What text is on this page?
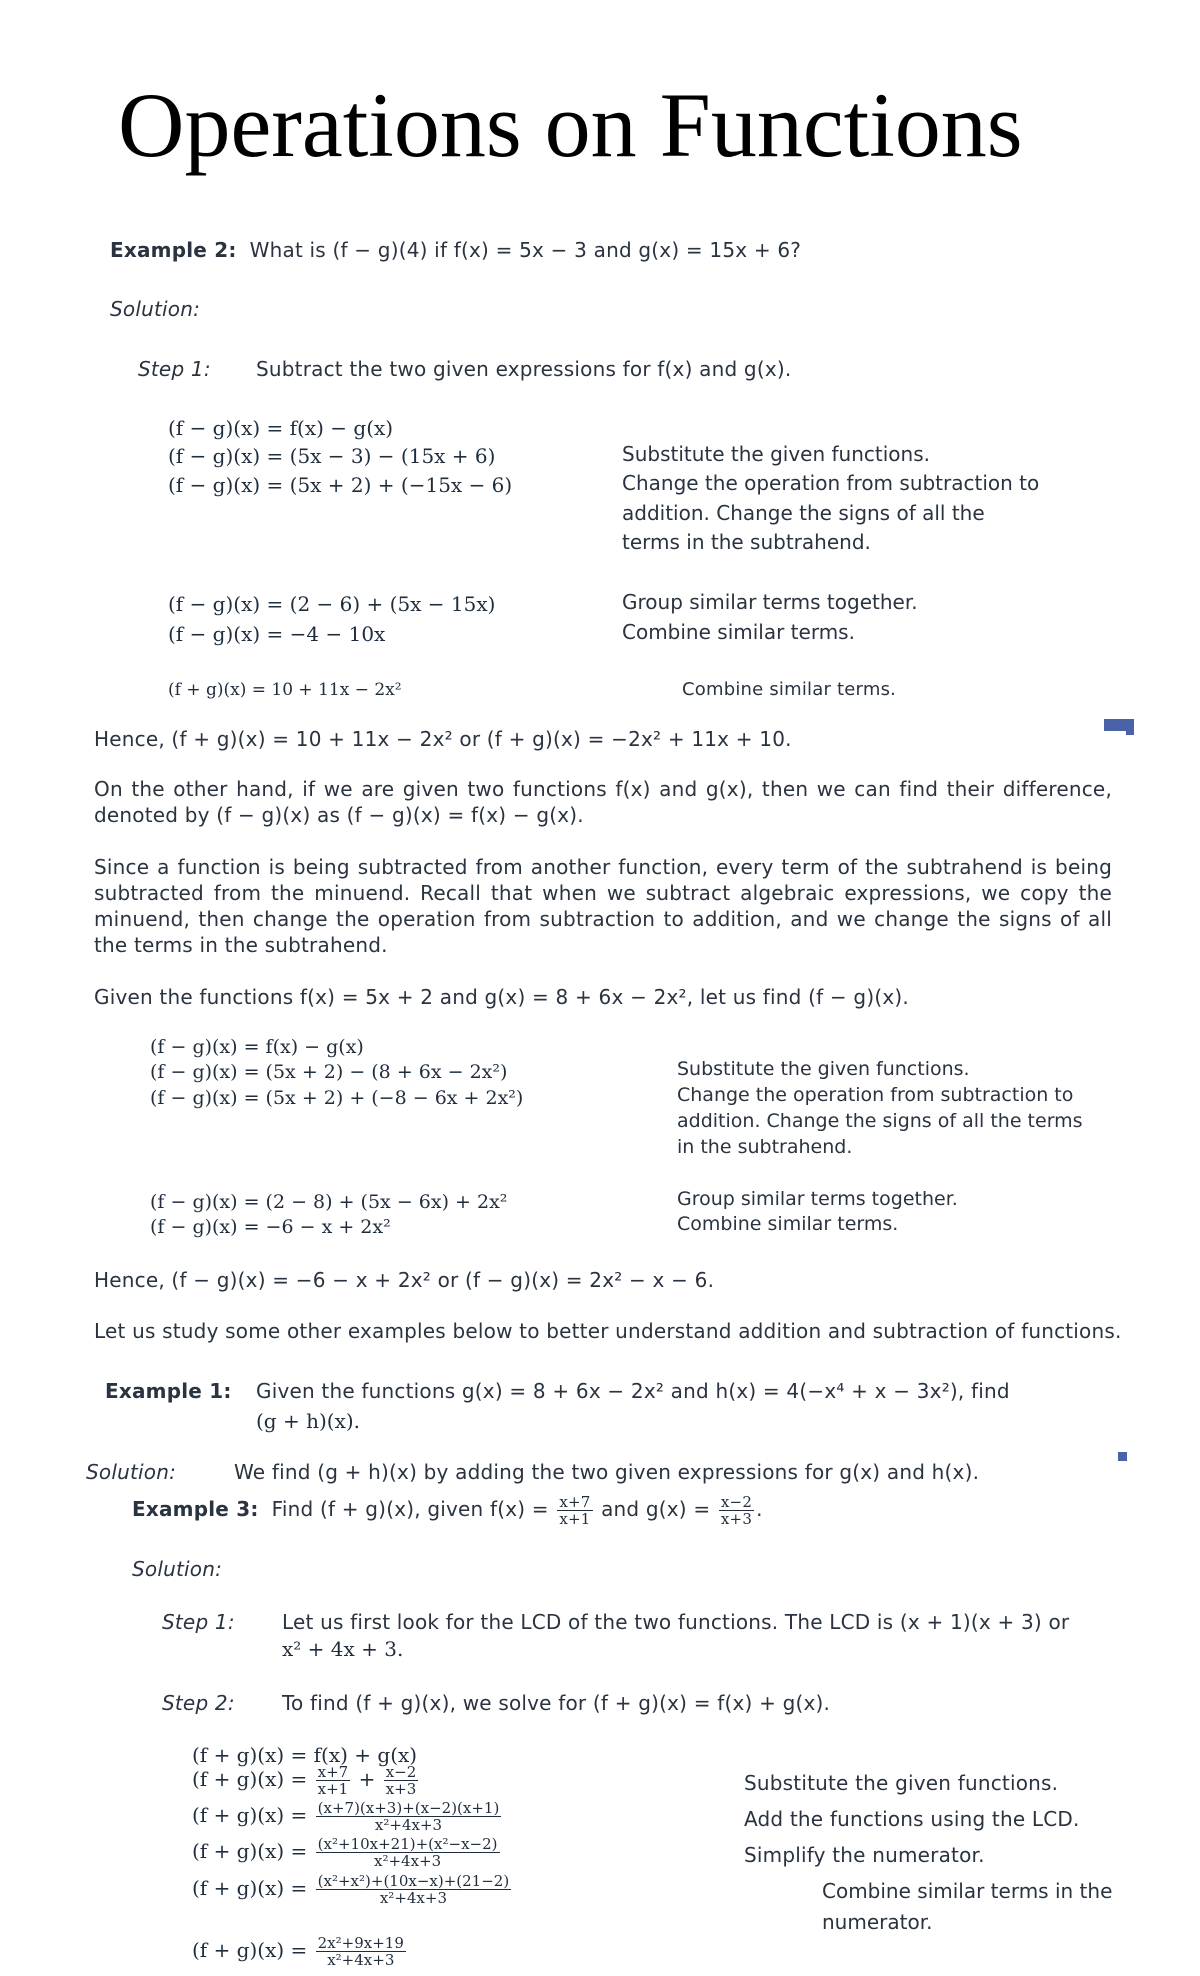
Operations on Functions
Example 2: What is (f − g)(4) if f(x) = 5x − 3 and g(x) = 15x + 6?
Solution:
Step 1: Subtract the two given expressions for f(x) and g(x).
(f − g)(x) = f(x) − g(x)
(f − g)(x) = (5x − 3) − (15x + 6)
(f − g)(x) = (5x + 2) + (−15x − 6)
(f − g)(x) = (2 − 6) + (5x − 15x)
(f − g)(x) = −4 − 10x
Substitute the given functions.
Change the operation from subtraction to addition. Change the signs of all the terms in the subtrahend.
Group similar terms together.
Combine similar terms.
(f + g)(x) = 10 + 11x − 2x²	Combine similar terms.
Hence, (f + g)(x) = 10 + 11x − 2x² or (f + g)(x) = −2x² + 11x + 10.
On the other hand, if we are given two functions f(x) and g(x), then we can find their difference, denoted by (f − g)(x) as (f − g)(x) = f(x) − g(x).
Since a function is being subtracted from another function, every term of the subtrahend is being subtracted from the minuend. Recall that when we subtract algebraic expressions, we copy the minuend, then change the operation from subtraction to addition, and we change the signs of all the terms in the subtrahend.
Given the functions f(x) = 5x + 2 and g(x) = 8 + 6x − 2x², let us find (f − g)(x).
(f − g)(x) = f(x) − g(x)
(f − g)(x) = (5x + 2) − (8 + 6x − 2x²)
(f − g)(x) = (5x + 2) + (−8 − 6x + 2x²)
(f − g)(x) = (2 − 8) + (5x − 6x) + 2x²
(f − g)(x) = −6 − x + 2x²
Substitute the given functions.
Change the operation from subtraction to addition. Change the signs of all the terms in the subtrahend.
Group similar terms together.
Combine similar terms.
Hence, (f − g)(x) = −6 − x + 2x² or (f − g)(x) = 2x² − x − 6.
Let us study some other examples below to better understand addition and subtraction of functions.
Example 1: Given the functions g(x) = 8 + 6x − 2x² and h(x) = 4(−x⁴ + x − 3x²), find
(g + h)(x).
Solution:	We find (g + h)(x) by adding the two given expressions for g(x) and h(x).
Example 3: Find (f + g)(x), given $f(x) = \frac{x+7}{x+1}$ and $g(x) = \frac{x-2}{x+3}$ .
Solution:
Step 1: Let us first look for the LCD of the two functions. The LCD is (x + 1)(x + 3) or
x² + 4x + 3.
Step 2: To find (f + g)(x), we solve for (f + g)(x) = f(x) + g(x).
(f + g)(x) = f(x) + g(x)
$(f + g)(x) = \frac{x+7}{x+1} + \frac{x-2}{x+3}$
$(f + g)(x) = \frac{(x+7)(x+3)+(x-2)(x+1)}{\text{x²+4x+3}}$
$(f + g)(x) = \frac{\text{(x²+10x+21)+(x²−x−2)}}{\text{x²+4x+3}}$
$(f + g)(x) = \frac{\text{(x²+x²)+(10x−x)+(21−2)}}{\text{x²+4x+3}}$
$(f + g)(x) = \frac{\text{2x²+9x+19}}{\text{x²+4x+3}}$
Substitute the given functions.
Add the functions using the LCD.
Simplify the numerator.
Combine similar terms in the numerator.
